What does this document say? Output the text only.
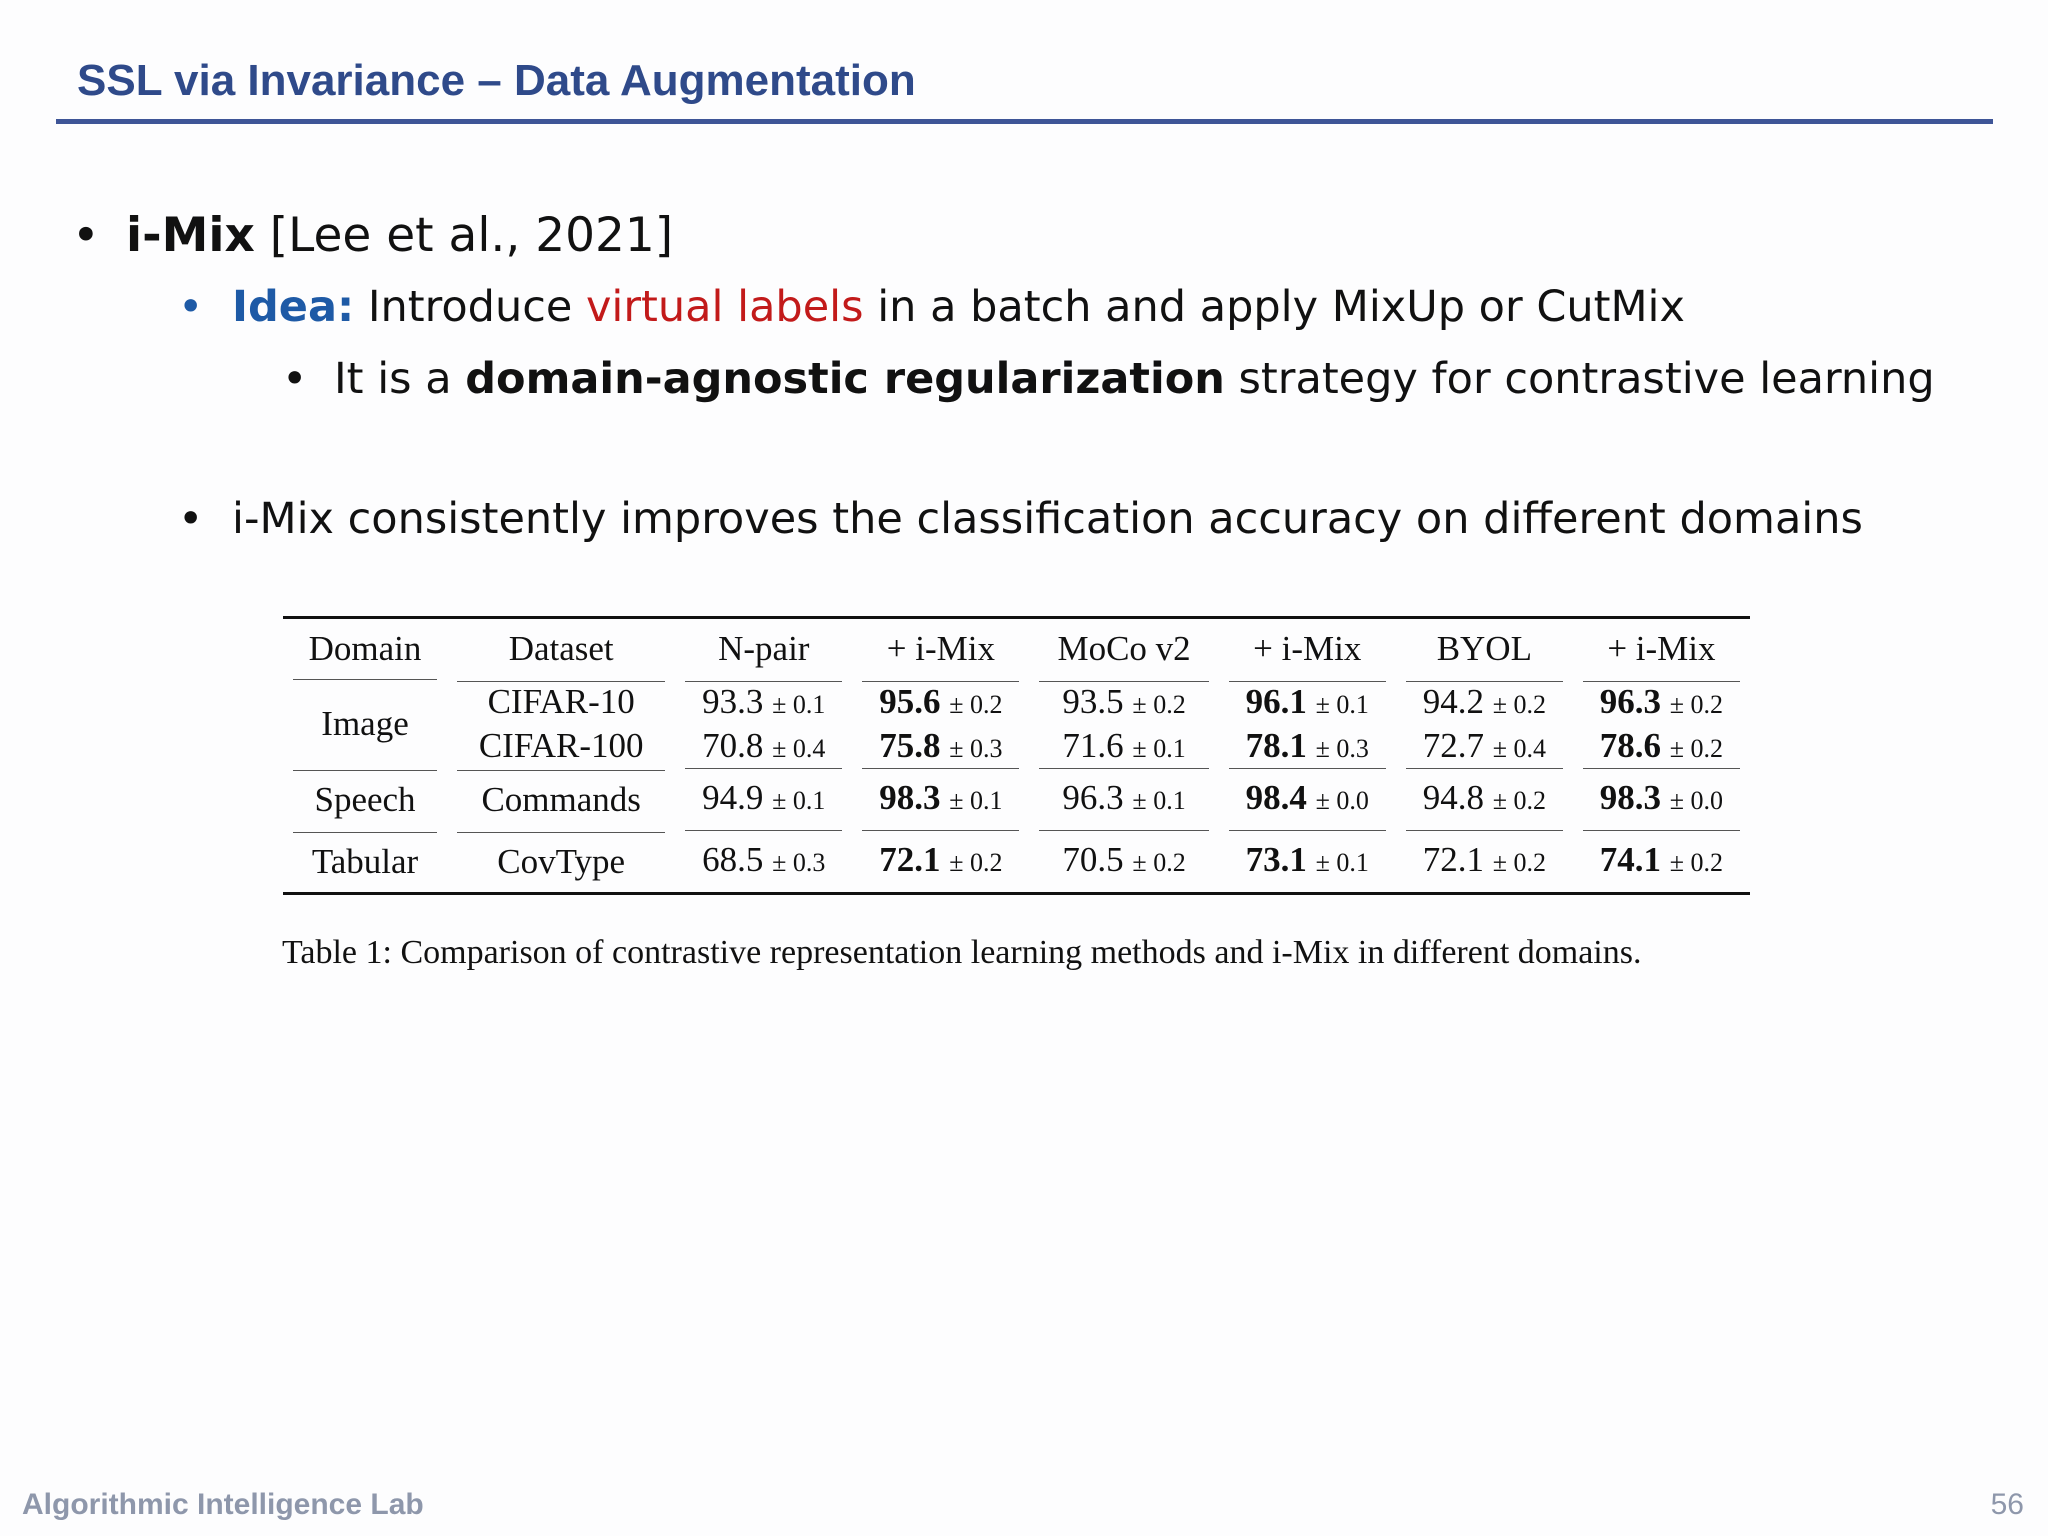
SSL via Invariance – Data Augmentation
• i-Mix [Lee et al., 2021]
• Idea: Introduce virtual labels in a batch and apply MixUp or CutMix
• It is a domain-agnostic regularization strategy for contrastive learning
• i-Mix consistently improves the classification accuracy on different domains
Domain	Dataset	N-pair	+ i-Mix	MoCo v2	+ i-Mix	BYOL	+ i-Mix

Image	CIFAR-10	93.3 ± 0.1	95.6 ± 0.2	93.5 ± 0.2	96.1 ± 0.1	94.2 ± 0.2	96.3 ± 0.2

	CIFAR-100	70.8 ± 0.4	75.8 ± 0.3	71.6 ± 0.1	78.1 ± 0.3	72.7 ± 0.4	78.6 ± 0.2

Speech	Commands	94.9 ± 0.1	98.3 ± 0.1	96.3 ± 0.1	98.4 ± 0.0	94.8 ± 0.2	98.3 ± 0.0

Tabular	CovType	68.5 ± 0.3	72.1 ± 0.2	70.5 ± 0.2	73.1 ± 0.1	72.1 ± 0.2	74.1 ± 0.2
Table 1: Comparison of contrastive representation learning methods and i-Mix in different domains.
Algorithmic Intelligence Lab	56
